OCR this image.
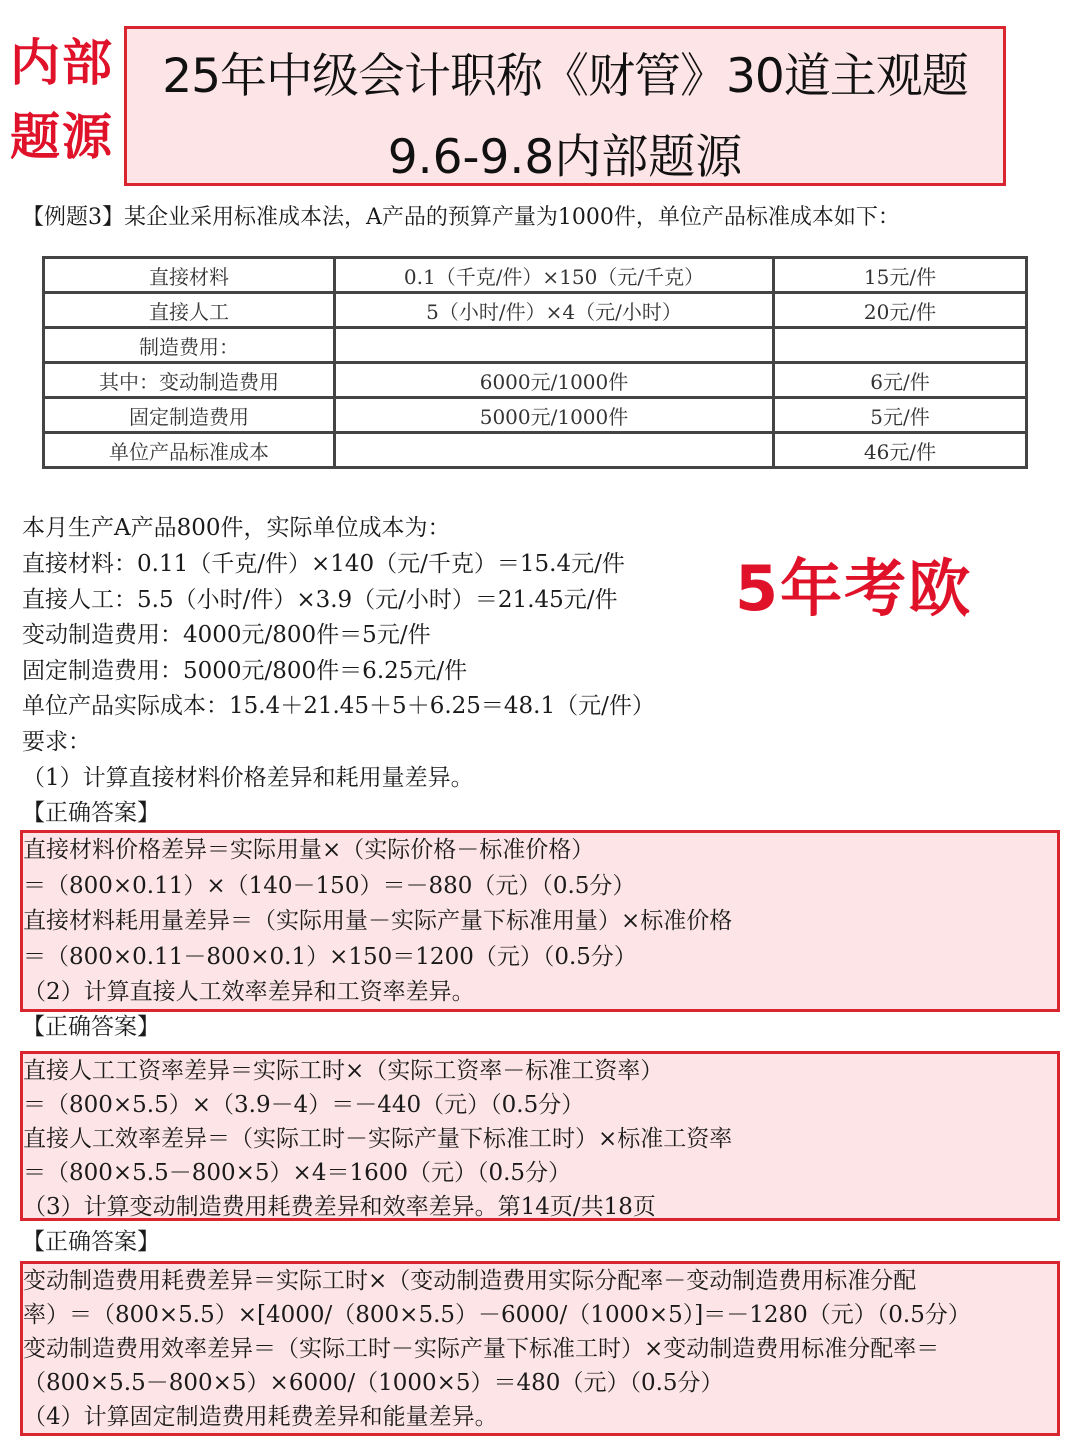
内部
题源
25年中级会计职称《财管》30道主观题
9.6-9.8内部题源
【例题3】某企业采用标准成本法，A产品的预算产量为1000件，单位产品标准成本如下：
直接材料	0.1（千克/件）×150（元/千克）	15元/件
直接人工	5（小时/件）×4（元/小时）	20元/件
制造费用：		
其中：变动制造费用	6000元/1000件	6元/件
固定制造费用	5000元/1000件	5元/件
单位产品标准成本		46元/件
本月生产A产品800件，实际单位成本为：
直接材料：0.11（千克/件）×140（元/千克）＝15.4元/件
直接人工：5.5（小时/件）×3.9（元/小时）＝21.45元/件
变动制造费用：4000元/800件＝5元/件
固定制造费用：5000元/800件＝6.25元/件
单位产品实际成本：15.4＋21.45＋5＋6.25＝48.1（元/件）
要求：
（1）计算直接材料价格差异和耗用量差异。
【正确答案】
5年考欧
直接材料价格差异＝实际用量×（实际价格－标准价格）
＝（800×0.11）×（140－150）＝－880（元）（0.5分）
直接材料耗用量差异＝（实际用量－实际产量下标准用量）×标准价格
＝（800×0.11－800×0.1）×150＝1200（元）（0.5分）
（2）计算直接人工效率差异和工资率差异。
【正确答案】
直接人工工资率差异＝实际工时×（实际工资率－标准工资率）
＝（800×5.5）×（3.9－4）＝－440（元）（0.5分）
直接人工效率差异＝（实际工时－实际产量下标准工时）×标准工资率
＝（800×5.5－800×5）×4＝1600（元）（0.5分）
（3）计算变动制造费用耗费差异和效率差异。第14页/共18页
【正确答案】
变动制造费用耗费差异＝实际工时×（变动制造费用实际分配率－变动制造费用标准分配
率）＝（800×5.5）×[4000/（800×5.5）－6000/（1000×5）]＝－1280（元）（0.5分）
变动制造费用效率差异＝（实际工时－实际产量下标准工时）×变动制造费用标准分配率＝
（800×5.5－800×5）×6000/（1000×5）＝480（元）（0.5分）
（4）计算固定制造费用耗费差异和能量差异。
